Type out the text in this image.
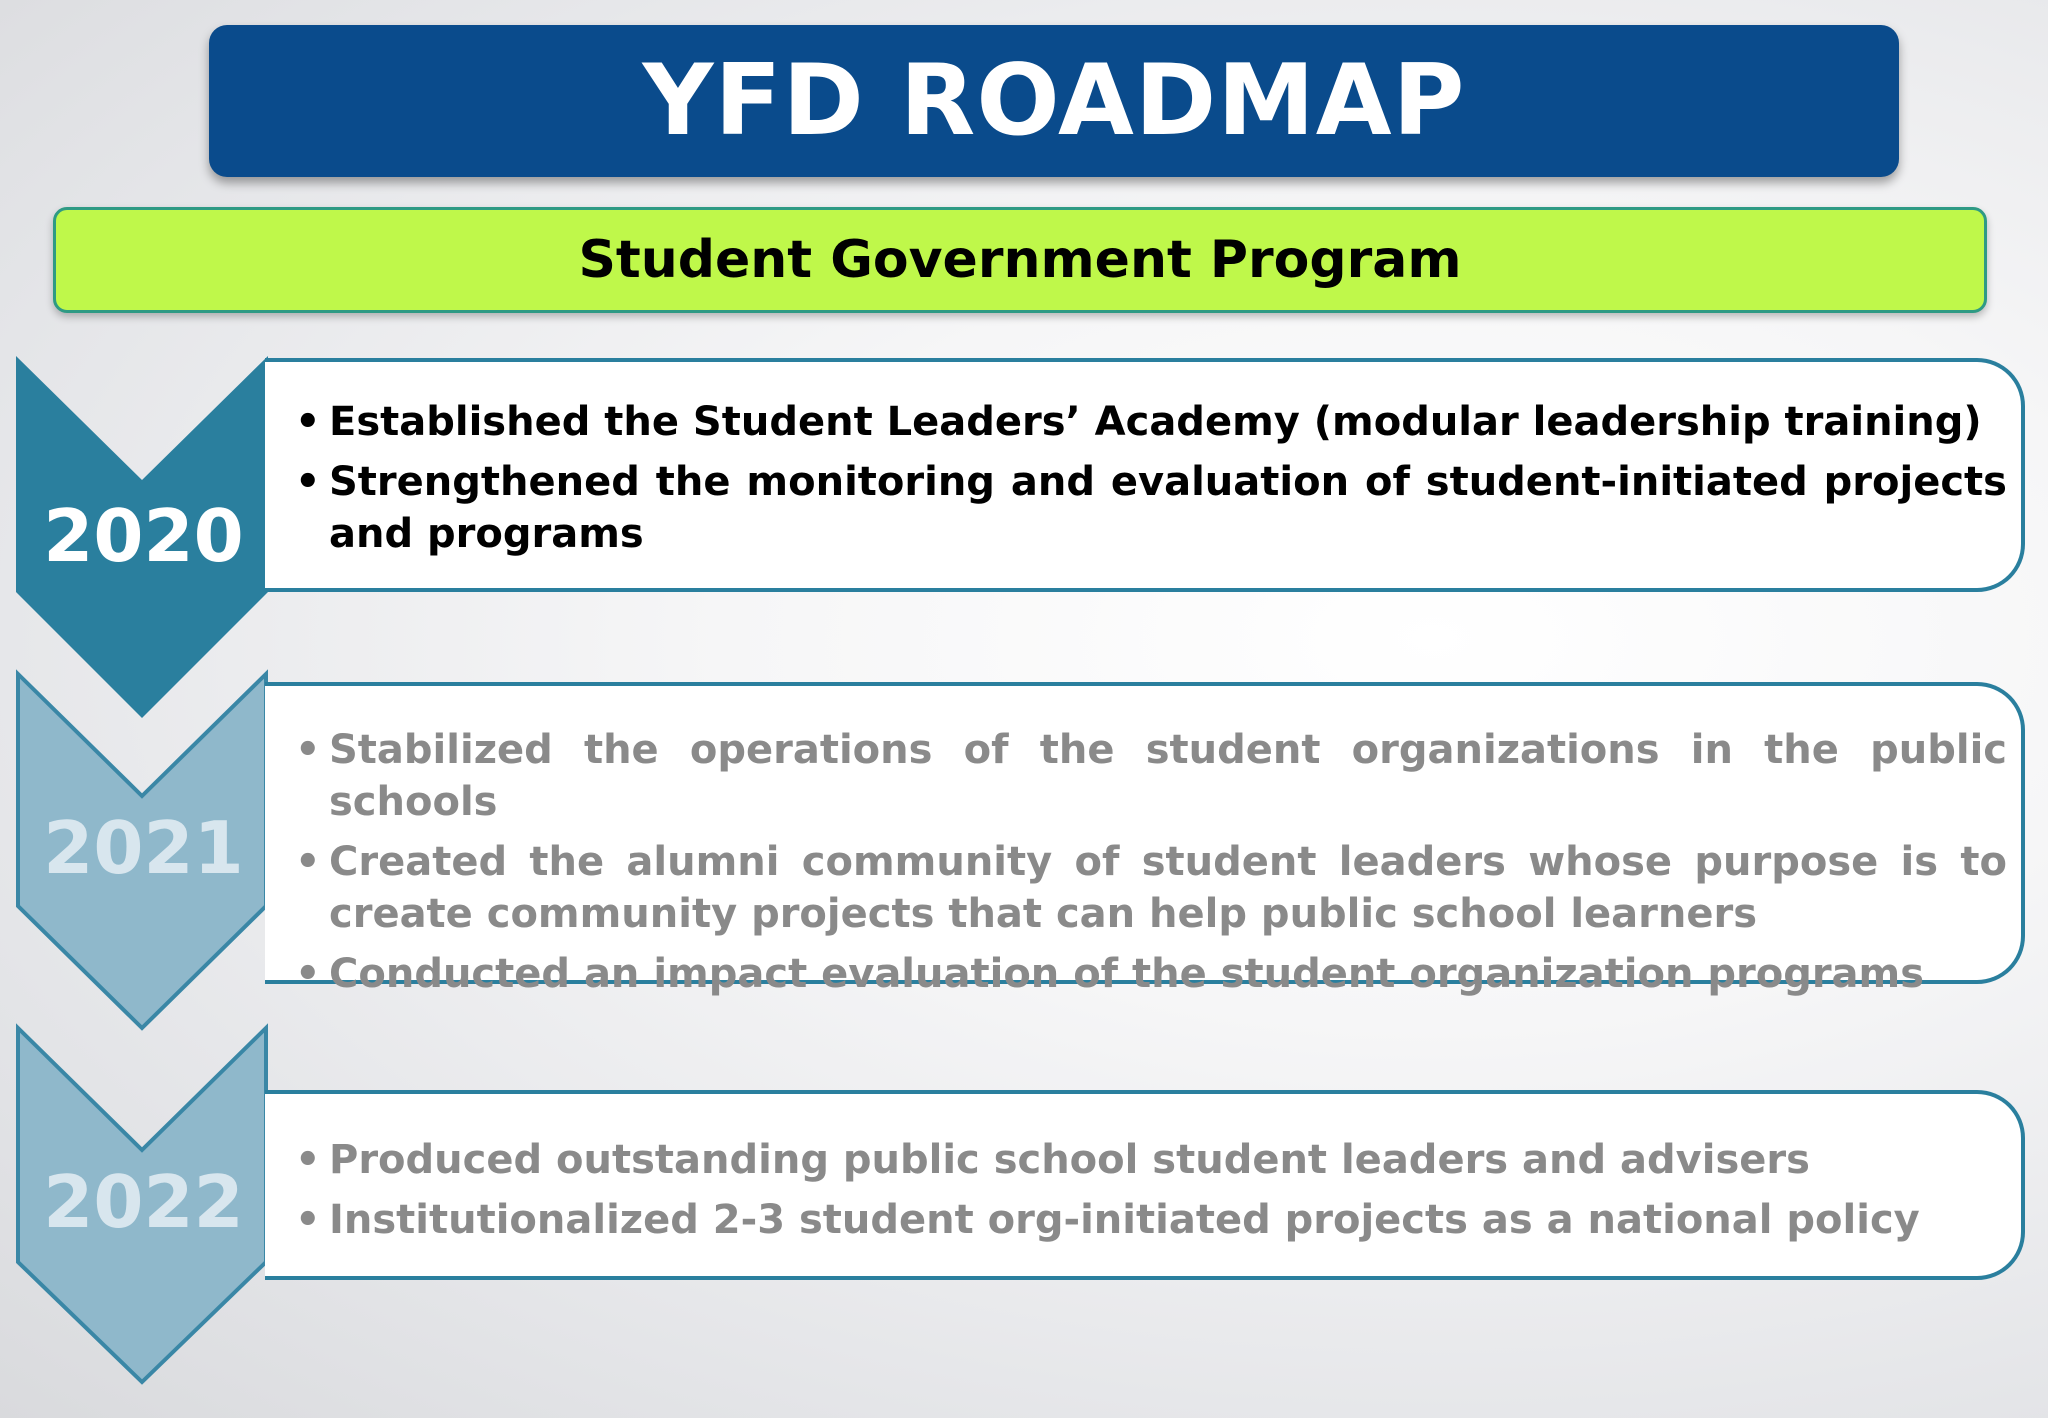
YFD ROADMAP
Student Government Program
2020
2021
2022
• Established the Student Leaders’ Academy (modular leadership training)
• Strengthened the monitoring and evaluation of student-initiated projects and programs
• Stabilized the operations of the student organizations in the public schools
• Created the alumni community of student leaders whose purpose is to create community projects that can help public school learners
• Conducted an impact evaluation of the student organization programs
• Produced outstanding public school student leaders and advisers
• Institutionalized 2-3 student org-initiated projects as a national policy
